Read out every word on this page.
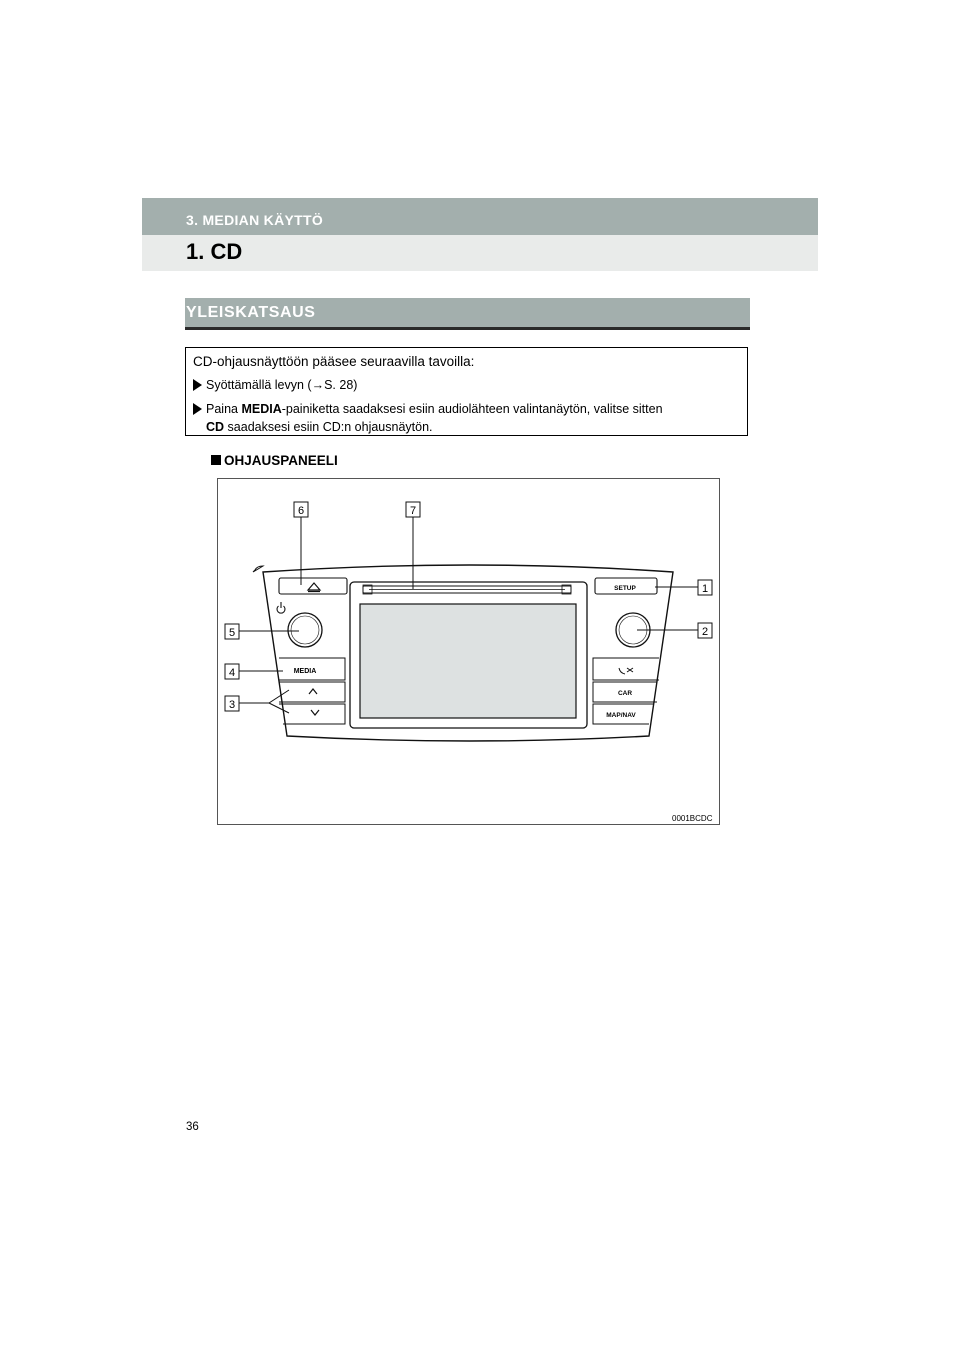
3. MEDIAN KÄYTTÖ
1. CD
YLEISKATSAUS
CD-ohjausnäyttöön pääsee seuraavilla tavoilla:
Syöttämällä levyn (→S. 28)
Paina MEDIA-painiketta saadaksesi esiin audiolähteen valintanäytön, valitse sitten
CD saadaksesi esiin CD:n ohjausnäytön.
OHJAUSPANEELI
MEDIA
SETUP
CAR
MAP/NAV
6	7
1
2
5
4
3
0001BCDC
36
